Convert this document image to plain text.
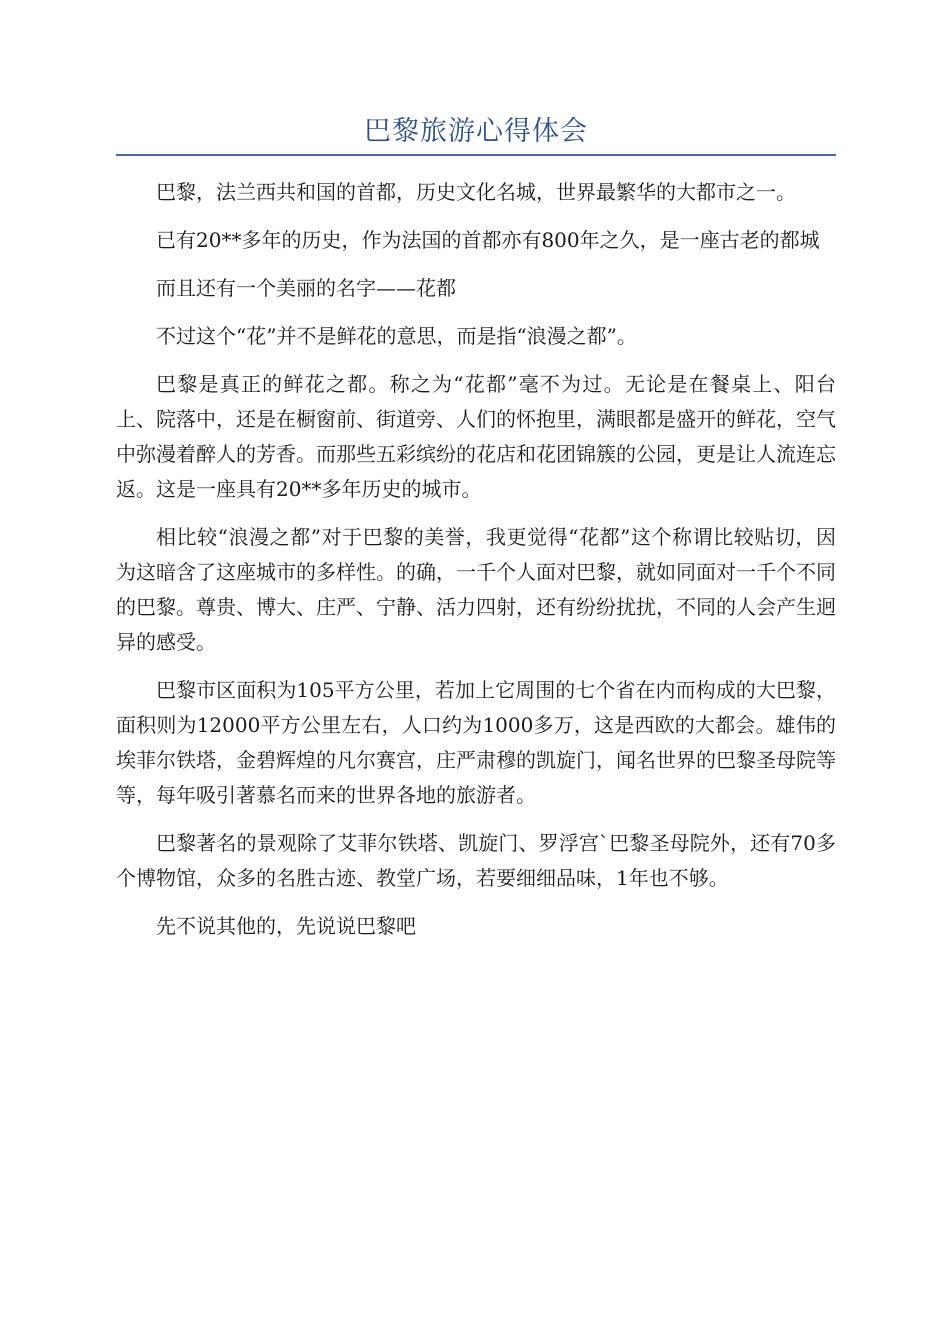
巴黎旅游心得体会

巴黎，法兰西共和国的首都，历史文化名城，世界最繁华的大都市之一。

已有20**多年的历史，作为法国的首都亦有800年之久，是一座古老的都城

而且还有一个美丽的名字——花都

不过这个“花”并不是鲜花的意思，而是指“浪漫之都”。

巴黎是真正的鲜花之都。称之为“花都”毫不为过。无论是在餐桌上、阳台上、院落中，还是在橱窗前、街道旁、人们的怀抱里，满眼都是盛开的鲜花，空气中弥漫着醉人的芳香。而那些五彩缤纷的花店和花团锦簇的公园，更是让人流连忘返。这是一座具有20**多年历史的城市。

相比较“浪漫之都”对于巴黎的美誉，我更觉得“花都”这个称谓比较贴切，因为这暗含了这座城市的多样性。的确，一千个人面对巴黎，就如同面对一千个不同的巴黎。尊贵、博大、庄严、宁静、活力四射，还有纷纷扰扰，不同的人会产生迥异的感受。

巴黎市区面积为105平方公里，若加上它周围的七个省在内而构成的大巴黎，面积则为12000平方公里左右，人口约为1000多万，这是西欧的大都会。雄伟的埃菲尔铁塔，金碧辉煌的凡尔赛宫，庄严肃穆的凯旋门，闻名世界的巴黎圣母院等等，每年吸引著慕名而来的世界各地的旅游者。

巴黎著名的景观除了艾菲尔铁塔、凯旋门、罗浮宫`巴黎圣母院外，还有70多个博物馆，众多的名胜古迹、教堂广场，若要细细品味，1年也不够。

先不说其他的，先说说巴黎吧
